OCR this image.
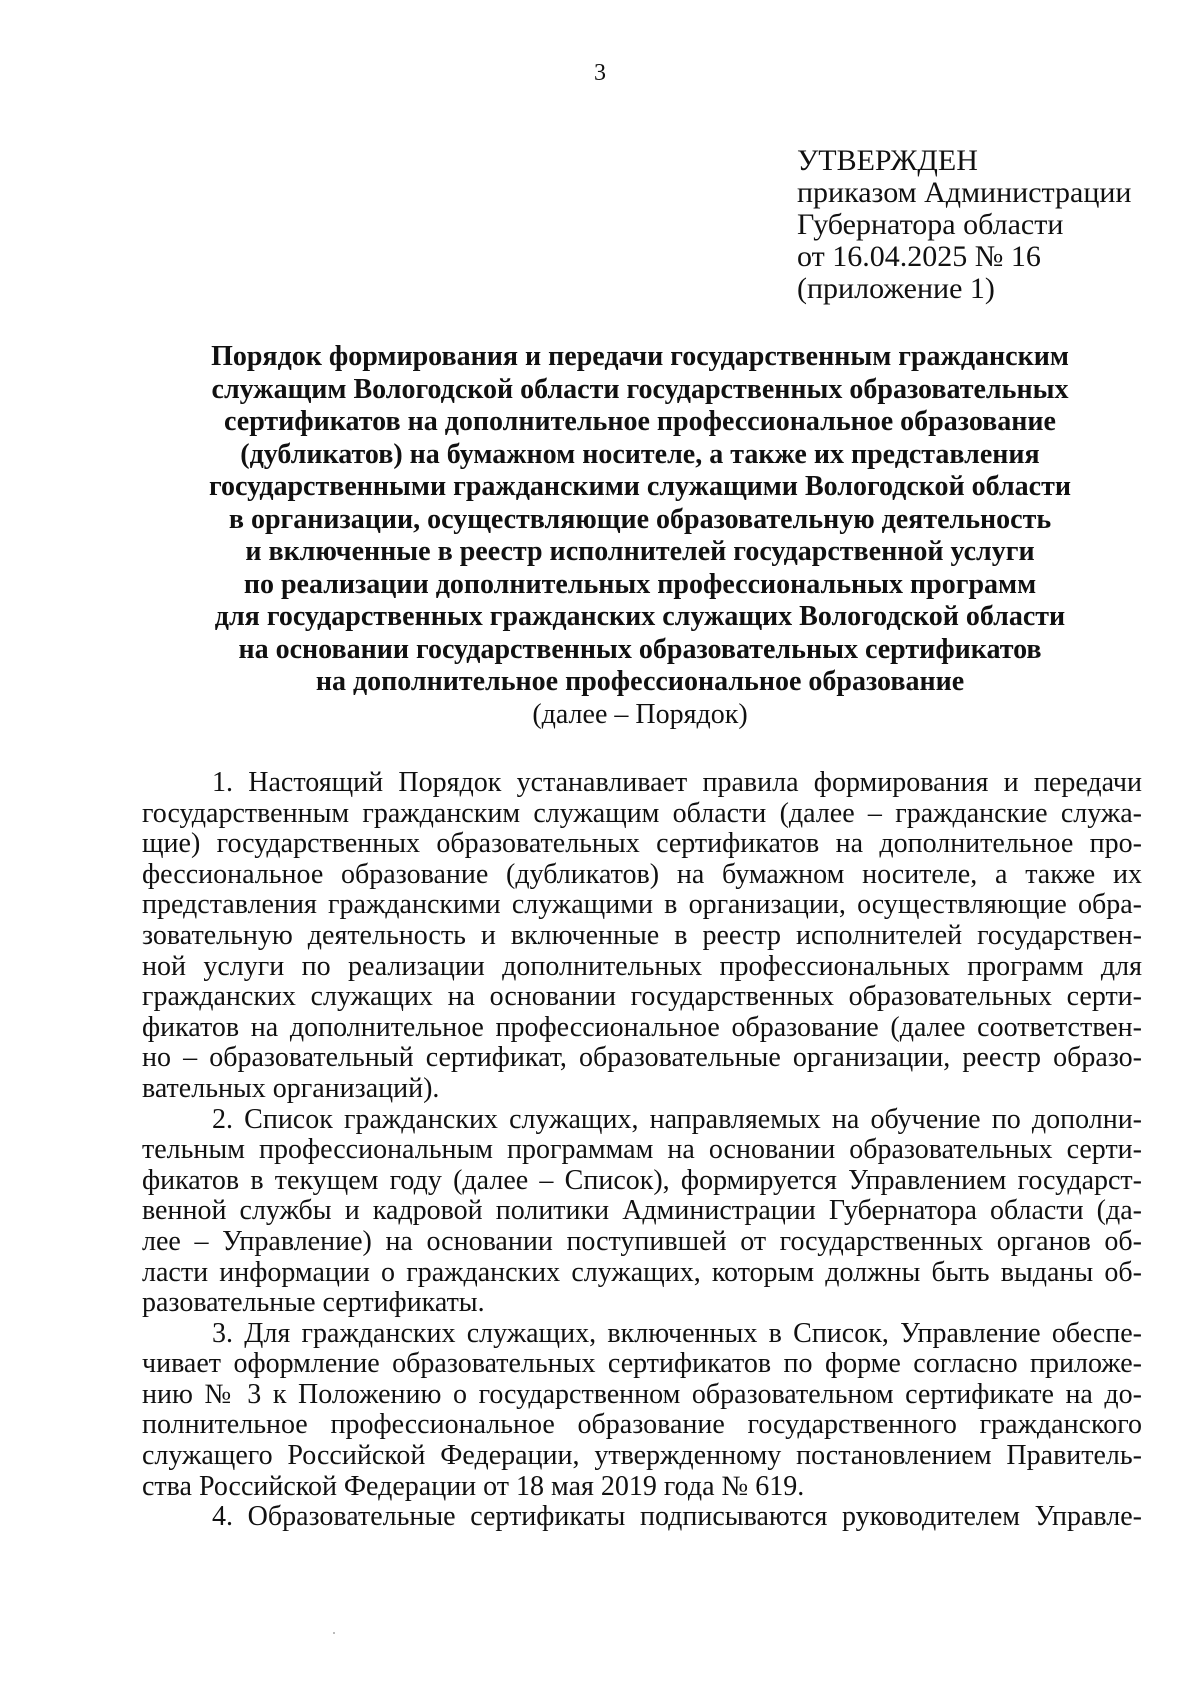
3
УТВЕРЖДЕН
приказом Администрации
Губернатора области
от 16.04.2025 № 16
(приложение 1)
Порядок формирования и передачи государственным гражданским
служащим Вологодской области государственных образовательных
сертификатов на дополнительное профессиональное образование
(дубликатов) на бумажном носителе, а также их представления
государственными гражданскими служащими Вологодской области
в организации, осуществляющие образовательную деятельность
и включенные в реестр исполнителей государственной услуги
по реализации дополнительных профессиональных программ
для государственных гражданских служащих Вологодской области
на основании государственных образовательных сертификатов
на дополнительное профессиональное образование
(далее – Порядок)
1. Настоящий Порядок устанавливает правила формирования и передачи
государственным гражданским служащим области (далее – гражданские служа-
щие) государственных образовательных сертификатов на дополнительное про-
фессиональное образование (дубликатов) на бумажном носителе, а также их
представления гражданскими служащими в организации, осуществляющие обра-
зовательную деятельность и включенные в реестр исполнителей государствен-
ной услуги по реализации дополнительных профессиональных программ для
гражданских служащих на основании государственных образовательных серти-
фикатов на дополнительное профессиональное образование (далее соответствен-
но – образовательный сертификат, образовательные организации, реестр образо-
вательных организаций).
2. Список гражданских служащих, направляемых на обучение по дополни-
тельным профессиональным программам на основании образовательных серти-
фикатов в текущем году (далее – Список), формируется Управлением государст-
венной службы и кадровой политики Администрации Губернатора области (да-
лее – Управление) на основании поступившей от государственных органов об-
ласти информации о гражданских служащих, которым должны быть выданы об-
разовательные сертификаты.
3. Для гражданских служащих, включенных в Список, Управление обеспе-
чивает оформление образовательных сертификатов по форме согласно приложе-
нию № 3 к Положению о государственном образовательном сертификате на до-
полнительное профессиональное образование государственного гражданского
служащего Российской Федерации, утвержденному постановлением Правитель-
ства Российской Федерации от 18 мая 2019 года № 619.
4. Образовательные сертификаты подписываются руководителем Управле-
